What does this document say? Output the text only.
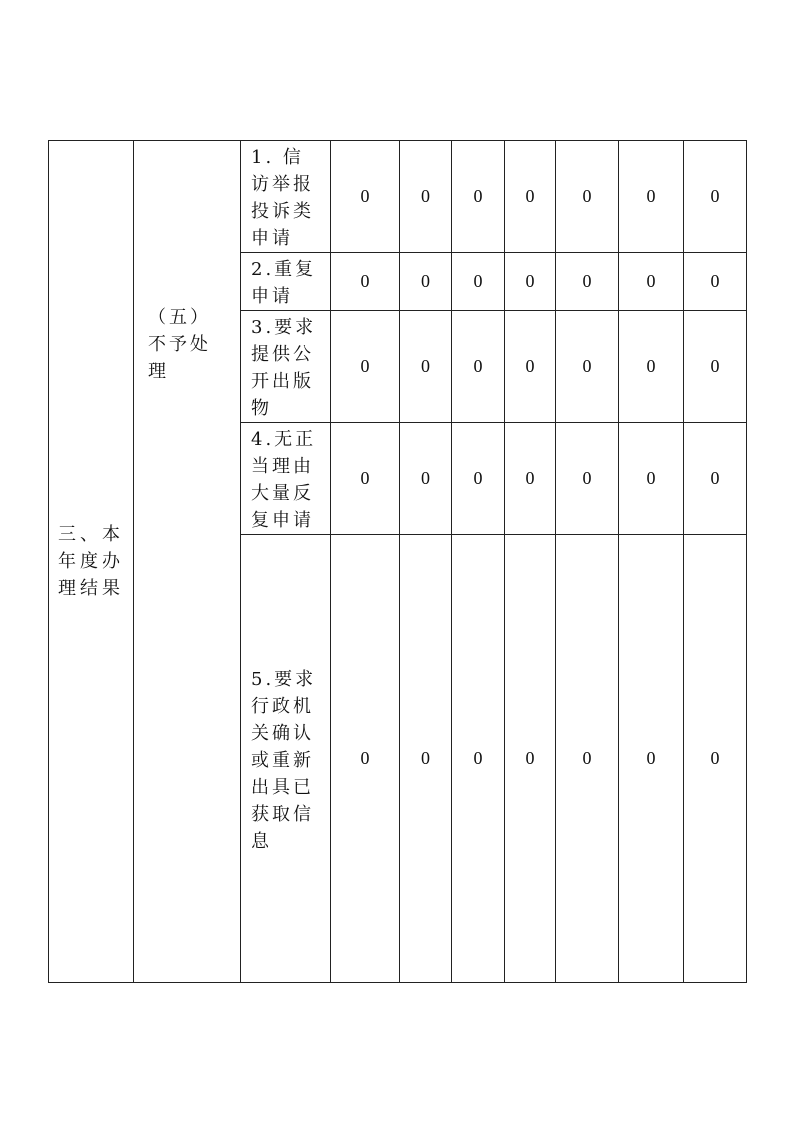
三、本年度办理结果	（五）不予处理	1. 信访举报投诉类申请	0	0	0	0	0	0	0

		2.重复申请	0	0	0	0	0	0	0

		3.要求提供公开出版物	0	0	0	0	0	0	0

		4.无正当理由大量反复申请	0	0	0	0	0	0	0

		5.要求行政机关确认或重新出具已获取信息	0	0	0	0	0	0	0
